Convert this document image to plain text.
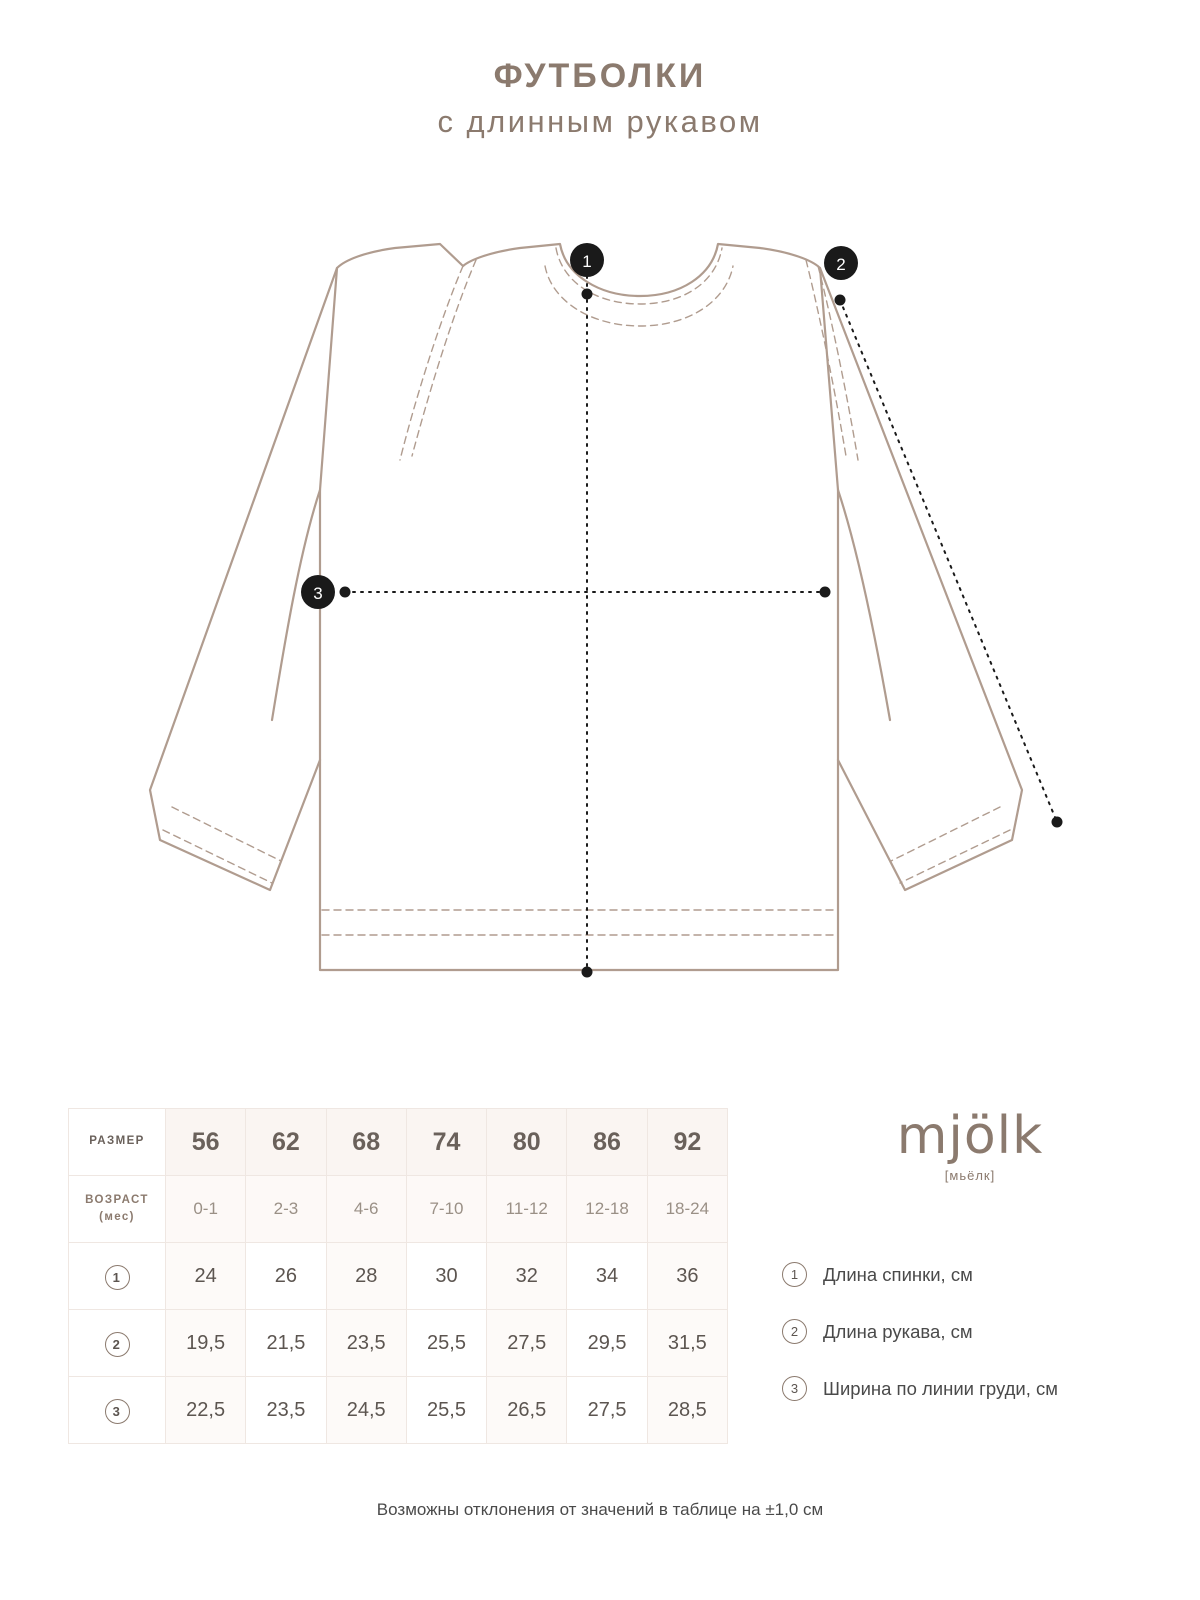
ФУТБОЛКИ
с длинным рукавом
1	2
3
РАЗМЕР	56	62	68	74	80	86	92

ВОЗРАСТ
(мес)	0-1	2-3	4-6	7-10	11-12	12-18	18-24
1	24	26	28	30	32	34	36
2	19,5	21,5	23,5	25,5	27,5	29,5	31,5
3	22,5	23,5	24,5	25,5	26,5	27,5	28,5
mjölk
[мьёлк]
1	Длина спинки, см
2	Длина рукава, см
3	Ширина по линии груди, см
Возможны отклонения от значений в таблице на ±1,0 см
